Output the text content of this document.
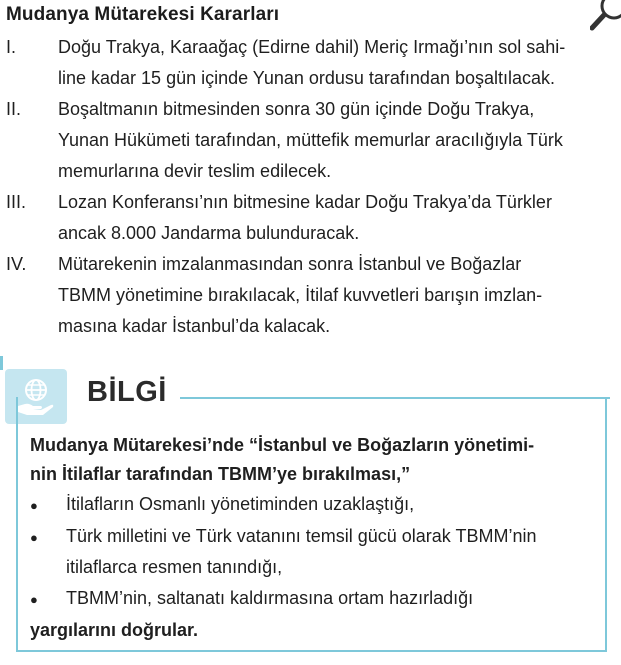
Mudanya Mütarekesi Kararları
I.	Doğu Trakya, Karaağaç (Edirne dahil) Meriç Irmağı’nın sol sahi-
line kadar 15 gün içinde Yunan ordusu tarafından boşaltılacak.
II.	Boşaltmanın bitmesinden sonra 30 gün içinde Doğu Trakya,
Yunan Hükümeti tarafından, müttefik memurlar aracılığıyla Türk
memurlarına devir teslim edilecek.
III.	Lozan Konferansı’nın bitmesine kadar Doğu Trakya’da Türkler
ancak 8.000 Jandarma bulunduracak.
IV.	Mütarekenin imzalanmasından sonra İstanbul ve Boğazlar
TBMM yönetimine bırakılacak, İtilaf kuvvetleri barışın imzlan-
masına kadar İstanbul’da kalacak.
BİLGİ
Mudanya Mütarekesi’nde “İstanbul ve Boğazların yönetimi-
nin İtilaflar tarafından TBMM’ye bırakılması,”
●
İtilafların Osmanlı yönetiminden uzaklaştığı,
●
Türk milletini ve Türk vatanını temsil gücü olarak TBMM’nin
itilaflarca resmen tanındığı,
●
TBMM’nin, saltanatı kaldırmasına ortam hazırladığı
yargılarını doğrular.
